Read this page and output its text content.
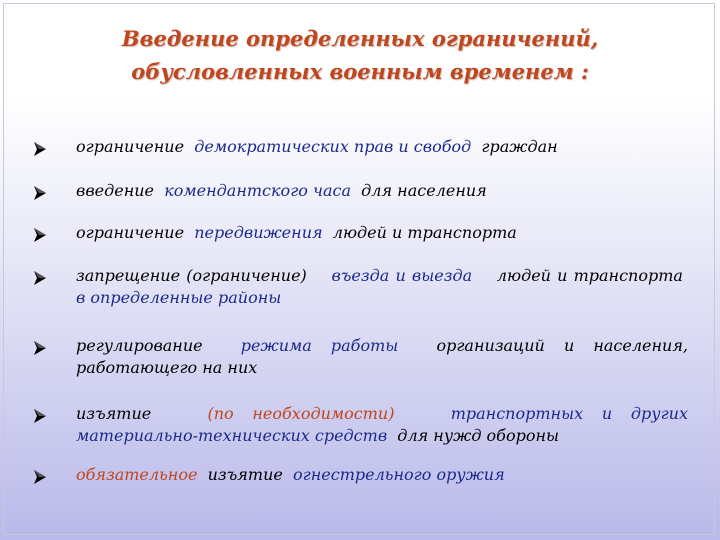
Введение определенных ограничений,
обусловленных военным временем :
ограничение демократических прав и свобод граждан
введение комендантского часа для населения
ограничение передвижения людей и транспорта
запрещение (ограничение) въезда и выезда людей и транспорта  в определенные районы
регулирование режима работы организаций и населения, работающего на них
изъятие	(по необходимости)	транспортных и других материально-технических средств для нужд обороны
обязательное изъятие огнестрельного оружия
